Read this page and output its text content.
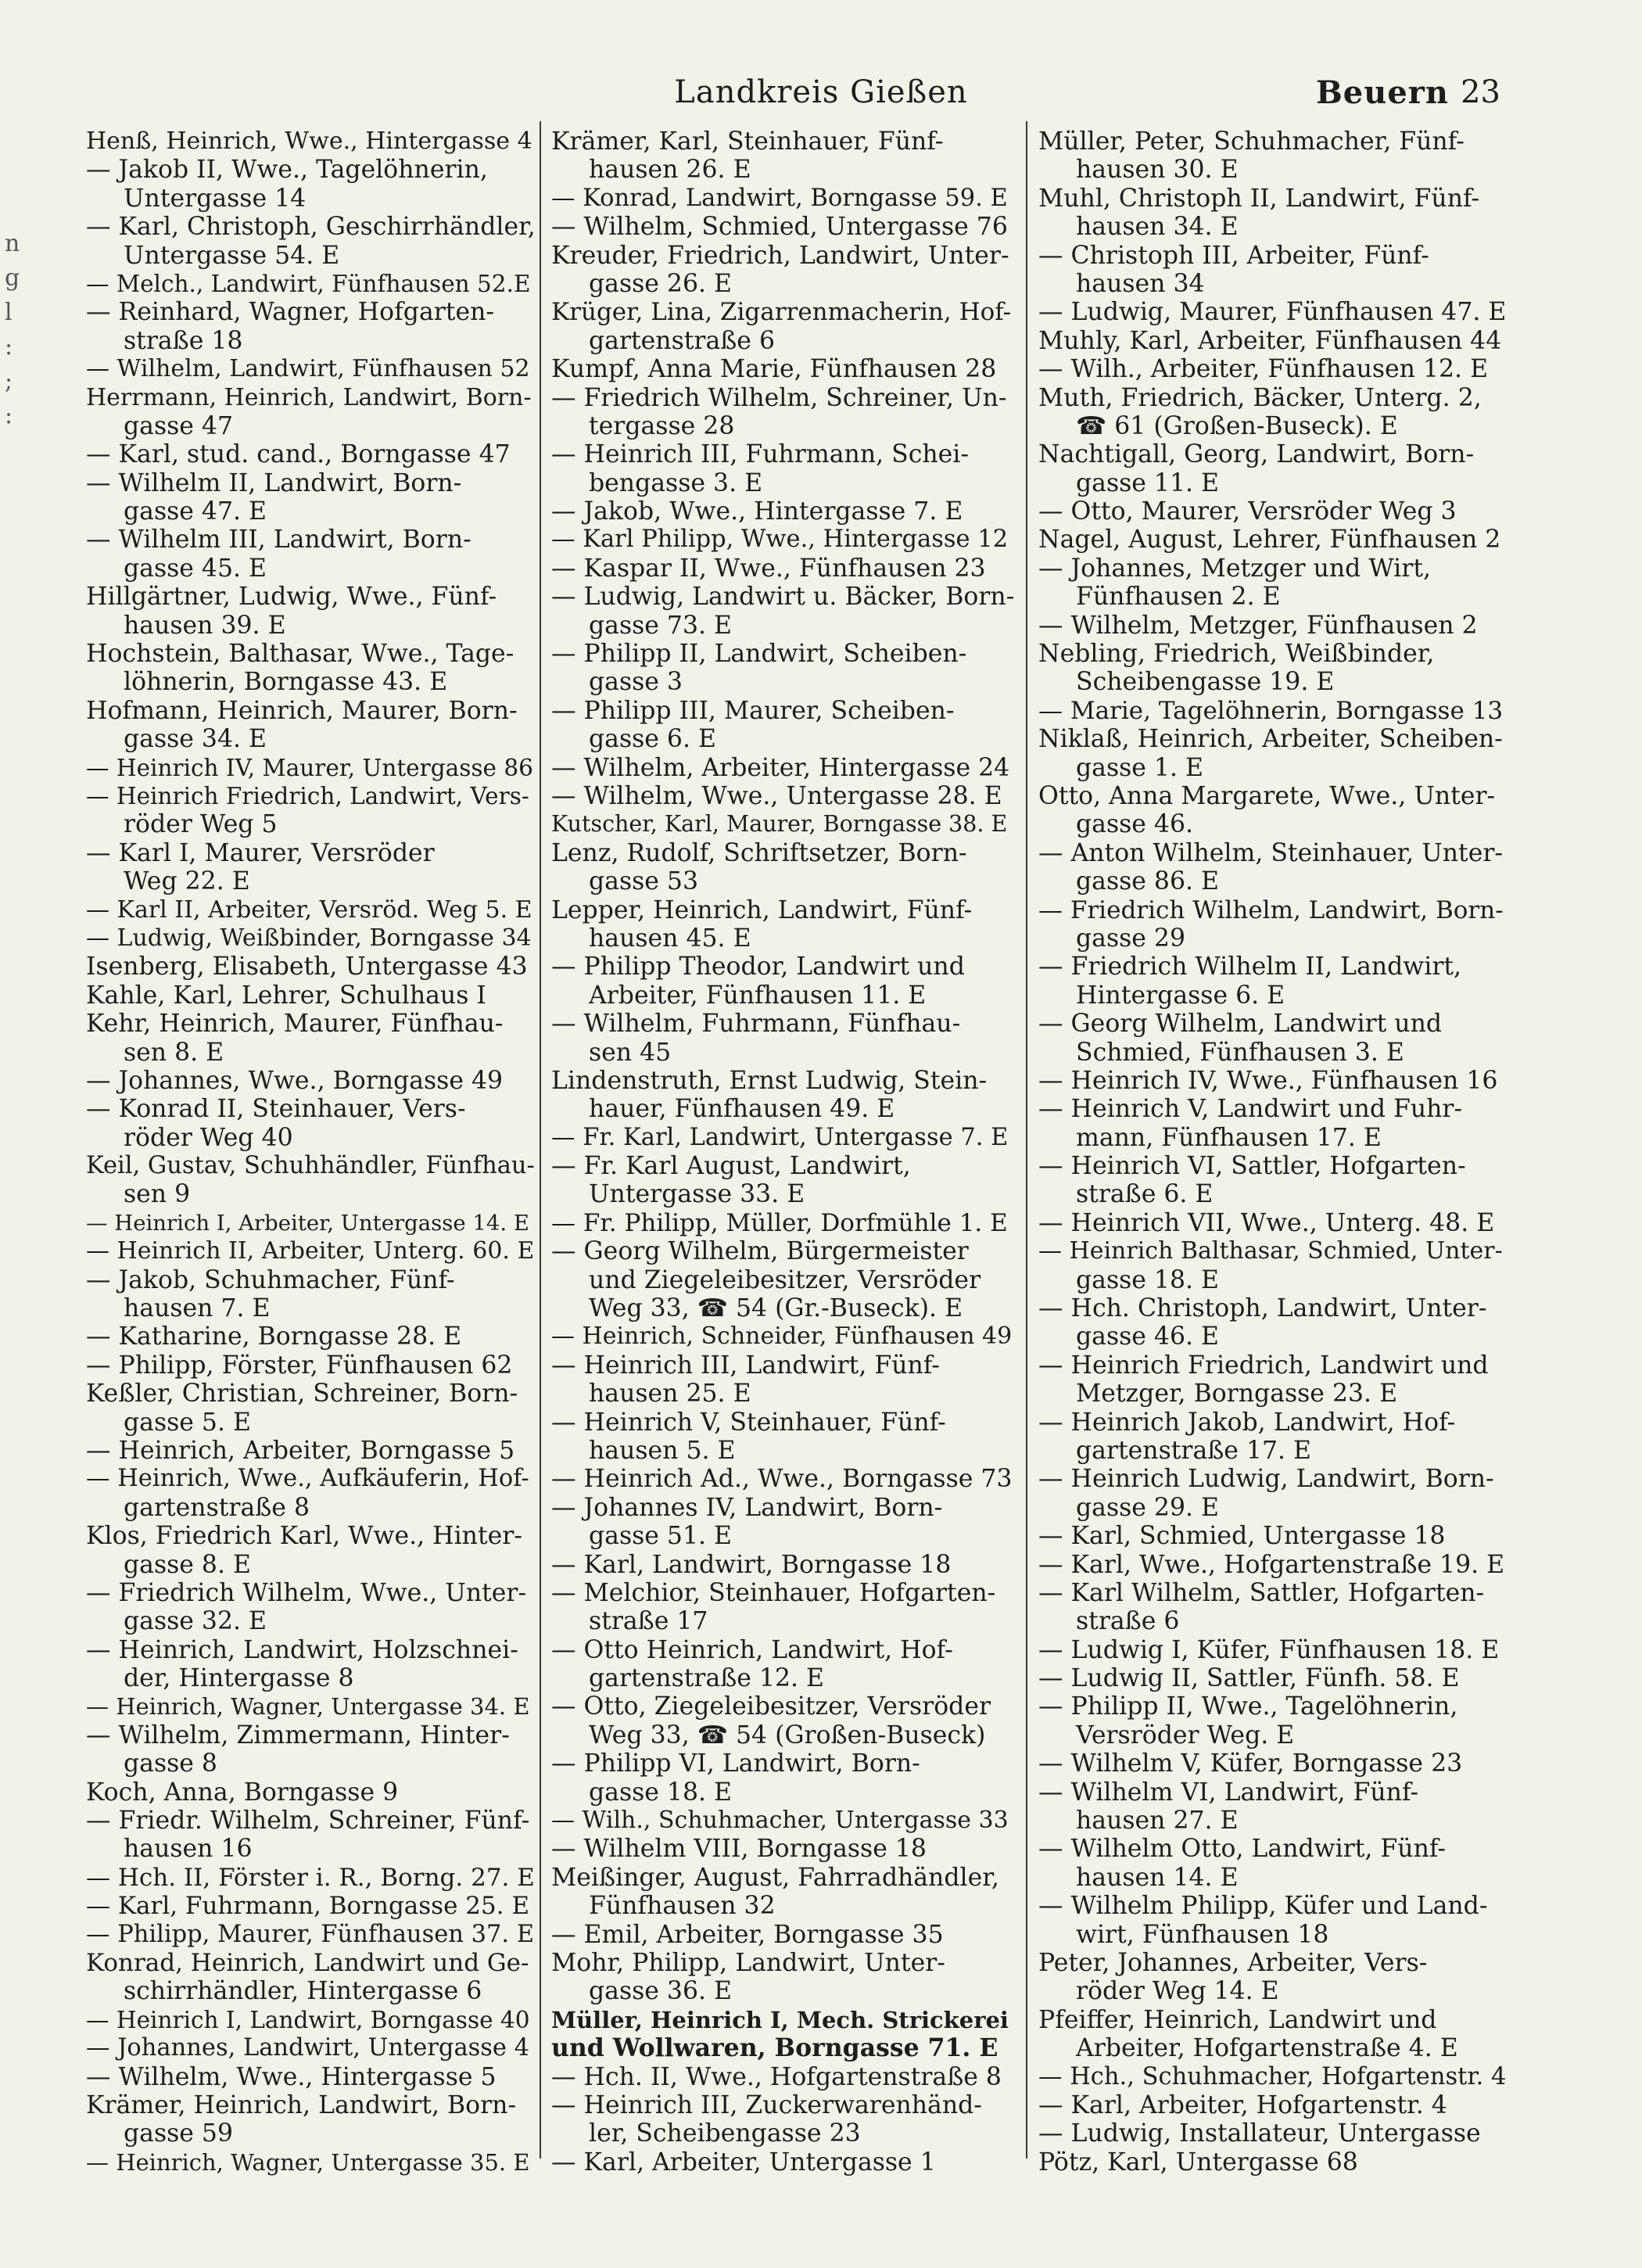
n
g
l
:
;
:
Landkreis Gießen	Beuern 23
Henß, Heinrich, Wwe., Hintergasse 4
— Jakob II, Wwe., Tagelöhnerin,
Untergasse 14
— Karl, Christoph, Geschirrhändler,
Untergasse 54. E
— Melch., Landwirt, Fünfhausen 52.E
— Reinhard, Wagner, Hofgarten-
straße 18
— Wilhelm, Landwirt, Fünfhausen 52
Herrmann, Heinrich, Landwirt, Born-
gasse 47
— Karl, stud. cand., Borngasse 47
— Wilhelm II, Landwirt, Born-
gasse 47. E
— Wilhelm III, Landwirt, Born-
gasse 45. E
Hillgärtner, Ludwig, Wwe., Fünf-
hausen 39. E
Hochstein, Balthasar, Wwe., Tage-
löhnerin, Borngasse 43. E
Hofmann, Heinrich, Maurer, Born-
gasse 34. E
— Heinrich IV, Maurer, Untergasse 86
— Heinrich Friedrich, Landwirt, Vers-
röder Weg 5
— Karl I, Maurer, Versröder
Weg 22. E
— Karl II, Arbeiter, Versröd. Weg 5. E
— Ludwig, Weißbinder, Borngasse 34
Isenberg, Elisabeth, Untergasse 43
Kahle, Karl, Lehrer, Schulhaus I
Kehr, Heinrich, Maurer, Fünfhau-
sen 8. E
— Johannes, Wwe., Borngasse 49
— Konrad II, Steinhauer, Vers-
röder Weg 40
Keil, Gustav, Schuhhändler, Fünfhau-
sen 9
— Heinrich I, Arbeiter, Untergasse 14. E
— Heinrich II, Arbeiter, Unterg. 60. E
— Jakob, Schuhmacher, Fünf-
hausen 7. E
— Katharine, Borngasse 28. E
— Philipp, Förster, Fünfhausen 62
Keßler, Christian, Schreiner, Born-
gasse 5. E
— Heinrich, Arbeiter, Borngasse 5
— Heinrich, Wwe., Aufkäuferin, Hof-
gartenstraße 8
Klos, Friedrich Karl, Wwe., Hinter-
gasse 8. E
— Friedrich Wilhelm, Wwe., Unter-
gasse 32. E
— Heinrich, Landwirt, Holzschnei-
der, Hintergasse 8
— Heinrich, Wagner, Untergasse 34. E
— Wilhelm, Zimmermann, Hinter-
gasse 8
Koch, Anna, Borngasse 9
— Friedr. Wilhelm, Schreiner, Fünf-
hausen 16
— Hch. II, Förster i. R., Borng. 27. E
— Karl, Fuhrmann, Borngasse 25. E
— Philipp, Maurer, Fünfhausen 37. E
Konrad, Heinrich, Landwirt und Ge-
schirrhändler, Hintergasse 6
— Heinrich I, Landwirt, Borngasse 40
— Johannes, Landwirt, Untergasse 4
— Wilhelm, Wwe., Hintergasse 5
Krämer, Heinrich, Landwirt, Born-
gasse 59
— Heinrich, Wagner, Untergasse 35. E
Krämer, Karl, Steinhauer, Fünf-
hausen 26. E
— Konrad, Landwirt, Borngasse 59. E
— Wilhelm, Schmied, Untergasse 76
Kreuder, Friedrich, Landwirt, Unter-
gasse 26. E
Krüger, Lina, Zigarrenmacherin, Hof-
gartenstraße 6
Kumpf, Anna Marie, Fünfhausen 28
— Friedrich Wilhelm, Schreiner, Un-
tergasse 28
— Heinrich III, Fuhrmann, Schei-
bengasse 3. E
— Jakob, Wwe., Hintergasse 7. E
— Karl Philipp, Wwe., Hintergasse 12
— Kaspar II, Wwe., Fünfhausen 23
— Ludwig, Landwirt u. Bäcker, Born-
gasse 73. E
— Philipp II, Landwirt, Scheiben-
gasse 3
— Philipp III, Maurer, Scheiben-
gasse 6. E
— Wilhelm, Arbeiter, Hintergasse 24
— Wilhelm, Wwe., Untergasse 28. E
Kutscher, Karl, Maurer, Borngasse 38. E
Lenz, Rudolf, Schriftsetzer, Born-
gasse 53
Lepper, Heinrich, Landwirt, Fünf-
hausen 45. E
— Philipp Theodor, Landwirt und
Arbeiter, Fünfhausen 11. E
— Wilhelm, Fuhrmann, Fünfhau-
sen 45
Lindenstruth, Ernst Ludwig, Stein-
hauer, Fünfhausen 49. E
— Fr. Karl, Landwirt, Untergasse 7. E
— Fr. Karl August, Landwirt,
Untergasse 33. E
— Fr. Philipp, Müller, Dorfmühle 1. E
— Georg Wilhelm, Bürgermeister
und Ziegeleibesitzer, Versröder
Weg 33, ☎ 54 (Gr.-Buseck). E
— Heinrich, Schneider, Fünfhausen 49
— Heinrich III, Landwirt, Fünf-
hausen 25. E
— Heinrich V, Steinhauer, Fünf-
hausen 5. E
— Heinrich Ad., Wwe., Borngasse 73
— Johannes IV, Landwirt, Born-
gasse 51. E
— Karl, Landwirt, Borngasse 18
— Melchior, Steinhauer, Hofgarten-
straße 17
— Otto Heinrich, Landwirt, Hof-
gartenstraße 12. E
— Otto, Ziegeleibesitzer, Versröder
Weg 33, ☎ 54 (Großen-Buseck)
— Philipp VI, Landwirt, Born-
gasse 18. E
— Wilh., Schuhmacher, Untergasse 33
— Wilhelm VIII, Borngasse 18
Meißinger, August, Fahrradhändler,
Fünfhausen 32
— Emil, Arbeiter, Borngasse 35
Mohr, Philipp, Landwirt, Unter-
gasse 36. E
Müller, Heinrich I, Mech. Strickerei
und Wollwaren, Borngasse 71. E
— Hch. II, Wwe., Hofgartenstraße 8
— Heinrich III, Zuckerwarenhänd-
ler, Scheibengasse 23
— Karl, Arbeiter, Untergasse 1
Müller, Peter, Schuhmacher, Fünf-
hausen 30. E
Muhl, Christoph II, Landwirt, Fünf-
hausen 34. E
— Christoph III, Arbeiter, Fünf-
hausen 34
— Ludwig, Maurer, Fünfhausen 47. E
Muhly, Karl, Arbeiter, Fünfhausen 44
— Wilh., Arbeiter, Fünfhausen 12. E
Muth, Friedrich, Bäcker, Unterg. 2,
☎ 61 (Großen-Buseck). E
Nachtigall, Georg, Landwirt, Born-
gasse 11. E
— Otto, Maurer, Versröder Weg 3
Nagel, August, Lehrer, Fünfhausen 2
— Johannes, Metzger und Wirt,
Fünfhausen 2. E
— Wilhelm, Metzger, Fünfhausen 2
Nebling, Friedrich, Weißbinder,
Scheibengasse 19. E
— Marie, Tagelöhnerin, Borngasse 13
Niklaß, Heinrich, Arbeiter, Scheiben-
gasse 1. E
Otto, Anna Margarete, Wwe., Unter-
gasse 46.
— Anton Wilhelm, Steinhauer, Unter-
gasse 86. E
— Friedrich Wilhelm, Landwirt, Born-
gasse 29
— Friedrich Wilhelm II, Landwirt,
Hintergasse 6. E
— Georg Wilhelm, Landwirt und
Schmied, Fünfhausen 3. E
— Heinrich IV, Wwe., Fünfhausen 16
— Heinrich V, Landwirt und Fuhr-
mann, Fünfhausen 17. E
— Heinrich VI, Sattler, Hofgarten-
straße 6. E
— Heinrich VII, Wwe., Unterg. 48. E
— Heinrich Balthasar, Schmied, Unter-
gasse 18. E
— Hch. Christoph, Landwirt, Unter-
gasse 46. E
— Heinrich Friedrich, Landwirt und
Metzger, Borngasse 23. E
— Heinrich Jakob, Landwirt, Hof-
gartenstraße 17. E
— Heinrich Ludwig, Landwirt, Born-
gasse 29. E
— Karl, Schmied, Untergasse 18
— Karl, Wwe., Hofgartenstraße 19. E
— Karl Wilhelm, Sattler, Hofgarten-
straße 6
— Ludwig I, Küfer, Fünfhausen 18. E
— Ludwig II, Sattler, Fünfh. 58. E
— Philipp II, Wwe., Tagelöhnerin,
Versröder Weg. E
— Wilhelm V, Küfer, Borngasse 23
— Wilhelm VI, Landwirt, Fünf-
hausen 27. E
— Wilhelm Otto, Landwirt, Fünf-
hausen 14. E
— Wilhelm Philipp, Küfer und Land-
wirt, Fünfhausen 18
Peter, Johannes, Arbeiter, Vers-
röder Weg 14. E
Pfeiffer, Heinrich, Landwirt und
Arbeiter, Hofgartenstraße 4. E
— Hch., Schuhmacher, Hofgartenstr. 4
— Karl, Arbeiter, Hofgartenstr. 4
— Ludwig, Installateur, Untergasse
Pötz, Karl, Untergasse 68
